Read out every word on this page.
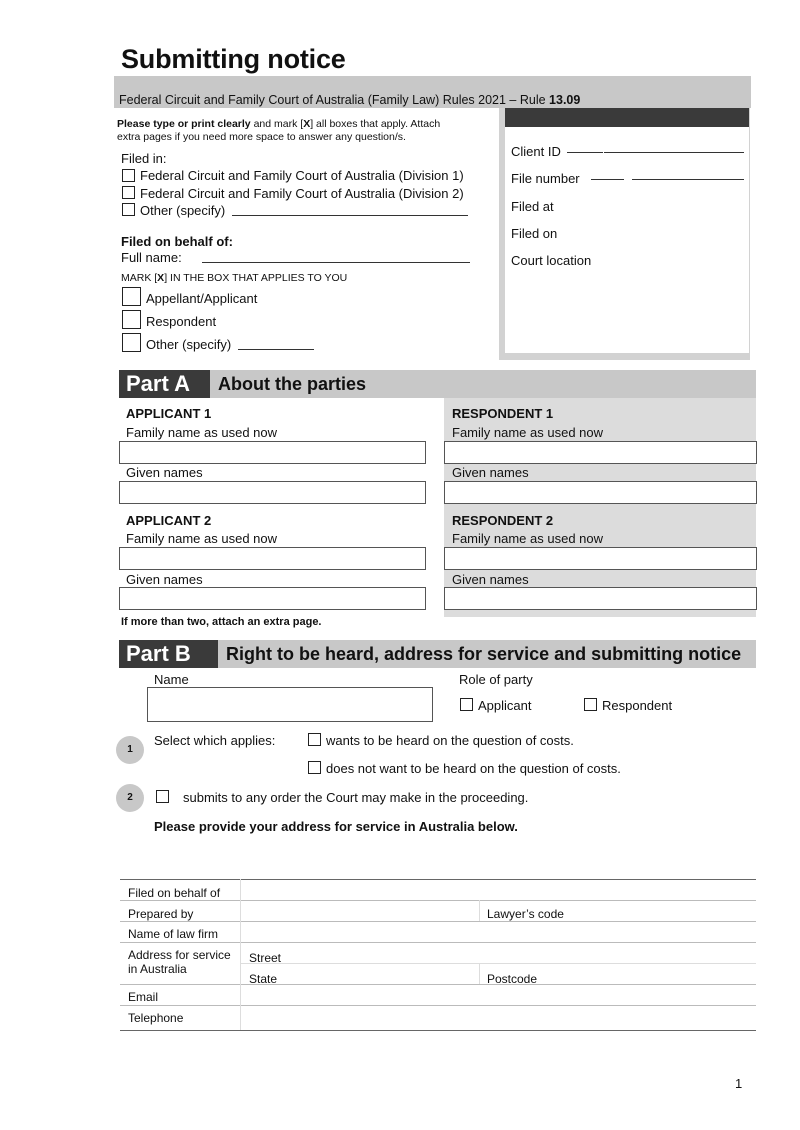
Submitting notice
Federal Circuit and Family Court of Australia (Family Law) Rules 2021 – Rule 13.09
Client ID
File number
Filed at
Filed on
Court location
Please type or print clearly and mark [X] all boxes that apply. Attach
extra pages if you need more space to answer any question/s.
Filed in:
Federal Circuit and Family Court of Australia (Division 1)
Federal Circuit and Family Court of Australia (Division 2)
Other (specify)
Filed on behalf of:
Full name:
MARK [X] IN THE BOX THAT APPLIES TO YOU
Appellant/Applicant
Respondent
Other (specify)
Part A	About the parties
APPLICANT 1
Family name as used now
Given names
RESPONDENT 1
Family name as used now
Given names
APPLICANT 2
Family name as used now
Given names
RESPONDENT 2
Family name as used now
Given names
If more than two, attach an extra page.
Part B	Right to be heard, address for service and submitting notice
Name	Role of party
Applicant	Respondent
1
Select which applies:	wants to be heard on the question of costs.
does not want to be heard on the question of costs.
2	submits to any order the Court may make in the proceeding.
Please provide your address for service in Australia below.
Filed on behalf of
Prepared by	Lawyer’s code
Name of law firm
Address for service
in Australia
Street
State	Postcode
Email
Telephone
1
